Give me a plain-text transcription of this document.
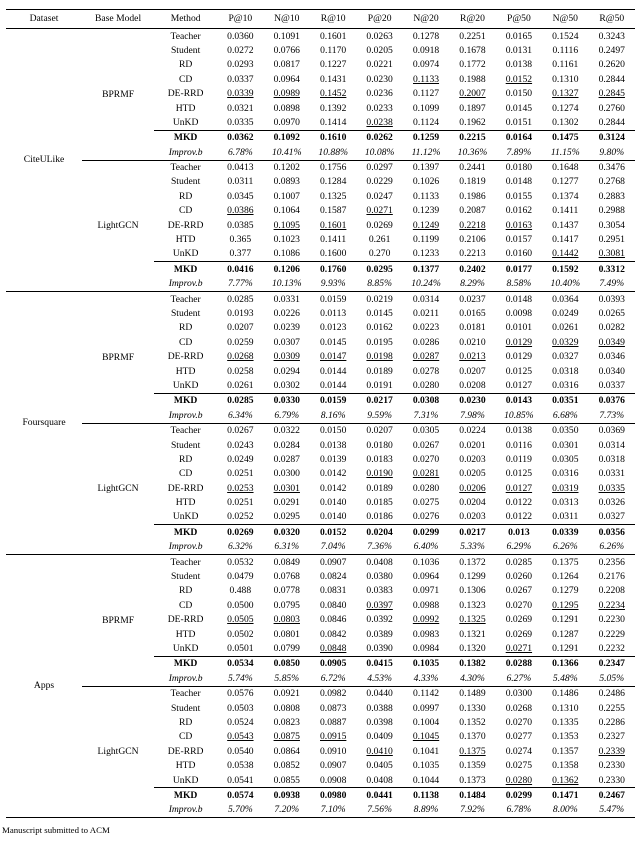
Dataset	Base Model	Method	P@10	N@10	R@10	P@20	N@20	R@20	P@50	N@50	R@50
CiteULike	BPRMF	Teacher	0.0360	0.1091	0.1601	0.0263	0.1278	0.2251	0.0165	0.1524	0.3243
		Student	0.0272	0.0766	0.1170	0.0205	0.0918	0.1678	0.0131	0.1116	0.2497
		RD	0.0293	0.0817	0.1227	0.0221	0.0974	0.1772	0.0138	0.1161	0.2620
		CD	0.0337	0.0964	0.1431	0.0230	0.1133	0.1988	0.0152	0.1310	0.2844
		DE-RRD	0.0339	0.0989	0.1452	0.0236	0.1127	0.2007	0.0150	0.1327	0.2845
		HTD	0.0321	0.0898	0.1392	0.0233	0.1099	0.1897	0.0145	0.1274	0.2760
		UnKD	0.0335	0.0970	0.1414	0.0238	0.1124	0.1962	0.0151	0.1302	0.2844
		MKD	0.0362	0.1092	0.1610	0.0262	0.1259	0.2215	0.0164	0.1475	0.3124
		Improv.b	6.78%	10.41%	10.88%	10.08%	11.12%	10.36%	7.89%	11.15%	9.80%
	LightGCN	Teacher	0.0413	0.1202	0.1756	0.0297	0.1397	0.2441	0.0180	0.1648	0.3476
		Student	0.0311	0.0893	0.1284	0.0229	0.1026	0.1819	0.0148	0.1277	0.2768
		RD	0.0345	0.1007	0.1325	0.0247	0.1133	0.1986	0.0155	0.1374	0.2883
		CD	0.0386	0.1064	0.1587	0.0271	0.1239	0.2087	0.0162	0.1411	0.2988
		DE-RRD	0.0385	0.1095	0.1601	0.0269	0.1249	0.2218	0.0163	0.1437	0.3054
		HTD	0.365	0.1023	0.1411	0.261	0.1199	0.2106	0.0157	0.1417	0.2951
		UnKD	0.377	0.1086	0.1600	0.270	0.1233	0.2213	0.0160	0.1442	0.3081
		MKD	0.0416	0.1206	0.1760	0.0295	0.1377	0.2402	0.0177	0.1592	0.3312
		Improv.b	7.77%	10.13%	9.93%	8.85%	10.24%	8.29%	8.58%	10.40%	7.49%
Foursquare	BPRMF	Teacher	0.0285	0.0331	0.0159	0.0219	0.0314	0.0237	0.0148	0.0364	0.0393
		Student	0.0193	0.0226	0.0113	0.0145	0.0211	0.0165	0.0098	0.0249	0.0265
		RD	0.0207	0.0239	0.0123	0.0162	0.0223	0.0181	0.0101	0.0261	0.0282
		CD	0.0259	0.0307	0.0145	0.0195	0.0286	0.0210	0.0129	0.0329	0.0349
		DE-RRD	0.0268	0.0309	0.0147	0.0198	0.0287	0.0213	0.0129	0.0327	0.0346
		HTD	0.0258	0.0294	0.0144	0.0189	0.0278	0.0207	0.0125	0.0318	0.0340
		UnKD	0.0261	0.0302	0.0144	0.0191	0.0280	0.0208	0.0127	0.0316	0.0337
		MKD	0.0285	0.0330	0.0159	0.0217	0.0308	0.0230	0.0143	0.0351	0.0376
		Improv.b	6.34%	6.79%	8.16%	9.59%	7.31%	7.98%	10.85%	6.68%	7.73%
	LightGCN	Teacher	0.0267	0.0322	0.0150	0.0207	0.0305	0.0224	0.0138	0.0350	0.0369
		Student	0.0243	0.0284	0.0138	0.0180	0.0267	0.0201	0.0116	0.0301	0.0314
		RD	0.0249	0.0287	0.0139	0.0183	0.0270	0.0203	0.0119	0.0305	0.0318
		CD	0.0251	0.0300	0.0142	0.0190	0.0281	0.0205	0.0125	0.0316	0.0331
		DE-RRD	0.0253	0.0301	0.0142	0.0189	0.0280	0.0206	0.0127	0.0319	0.0335
		HTD	0.0251	0.0291	0.0140	0.0185	0.0275	0.0204	0.0122	0.0313	0.0326
		UnKD	0.0252	0.0295	0.0140	0.0186	0.0276	0.0203	0.0122	0.0311	0.0327
		MKD	0.0269	0.0320	0.0152	0.0204	0.0299	0.0217	0.013	0.0339	0.0356
		Improv.b	6.32%	6.31%	7.04%	7.36%	6.40%	5.33%	6.29%	6.26%	6.26%
Apps	BPRMF	Teacher	0.0532	0.0849	0.0907	0.0408	0.1036	0.1372	0.0285	0.1375	0.2356
		Student	0.0479	0.0768	0.0824	0.0380	0.0964	0.1299	0.0260	0.1264	0.2176
		RD	0.488	0.0778	0.0831	0.0383	0.0971	0.1306	0.0267	0.1279	0.2208
		CD	0.0500	0.0795	0.0840	0.0397	0.0988	0.1323	0.0270	0.1295	0.2234
		DE-RRD	0.0505	0.0803	0.0846	0.0392	0.0992	0.1325	0.0269	0.1291	0.2230
		HTD	0.0502	0.0801	0.0842	0.0389	0.0983	0.1321	0.0269	0.1287	0.2229
		UnKD	0.0501	0.0799	0.0848	0.0390	0.0984	0.1320	0.0271	0.1291	0.2232
		MKD	0.0534	0.0850	0.0905	0.0415	0.1035	0.1382	0.0288	0.1366	0.2347
		Improv.b	5.74%	5.85%	6.72%	4.53%	4.33%	4.30%	6.27%	5.48%	5.05%
	LightGCN	Teacher	0.0576	0.0921	0.0982	0.0440	0.1142	0.1489	0.0300	0.1486	0.2486
		Student	0.0503	0.0808	0.0873	0.0388	0.0997	0.1330	0.0268	0.1310	0.2255
		RD	0.0524	0.0823	0.0887	0.0398	0.1004	0.1352	0.0270	0.1335	0.2286
		CD	0.0543	0.0875	0.0915	0.0409	0.1045	0.1370	0.0277	0.1353	0.2327
		DE-RRD	0.0540	0.0864	0.0910	0.0410	0.1041	0.1375	0.0274	0.1357	0.2339
		HTD	0.0538	0.0852	0.0907	0.0405	0.1035	0.1359	0.0275	0.1358	0.2330
		UnKD	0.0541	0.0855	0.0908	0.0408	0.1044	0.1373	0.0280	0.1362	0.2330
		MKD	0.0574	0.0938	0.0980	0.0441	0.1138	0.1484	0.0299	0.1471	0.2467
		Improv.b	5.70%	7.20%	7.10%	7.56%	8.89%	7.92%	6.78%	8.00%	5.47%
Manuscript submitted to ACM
